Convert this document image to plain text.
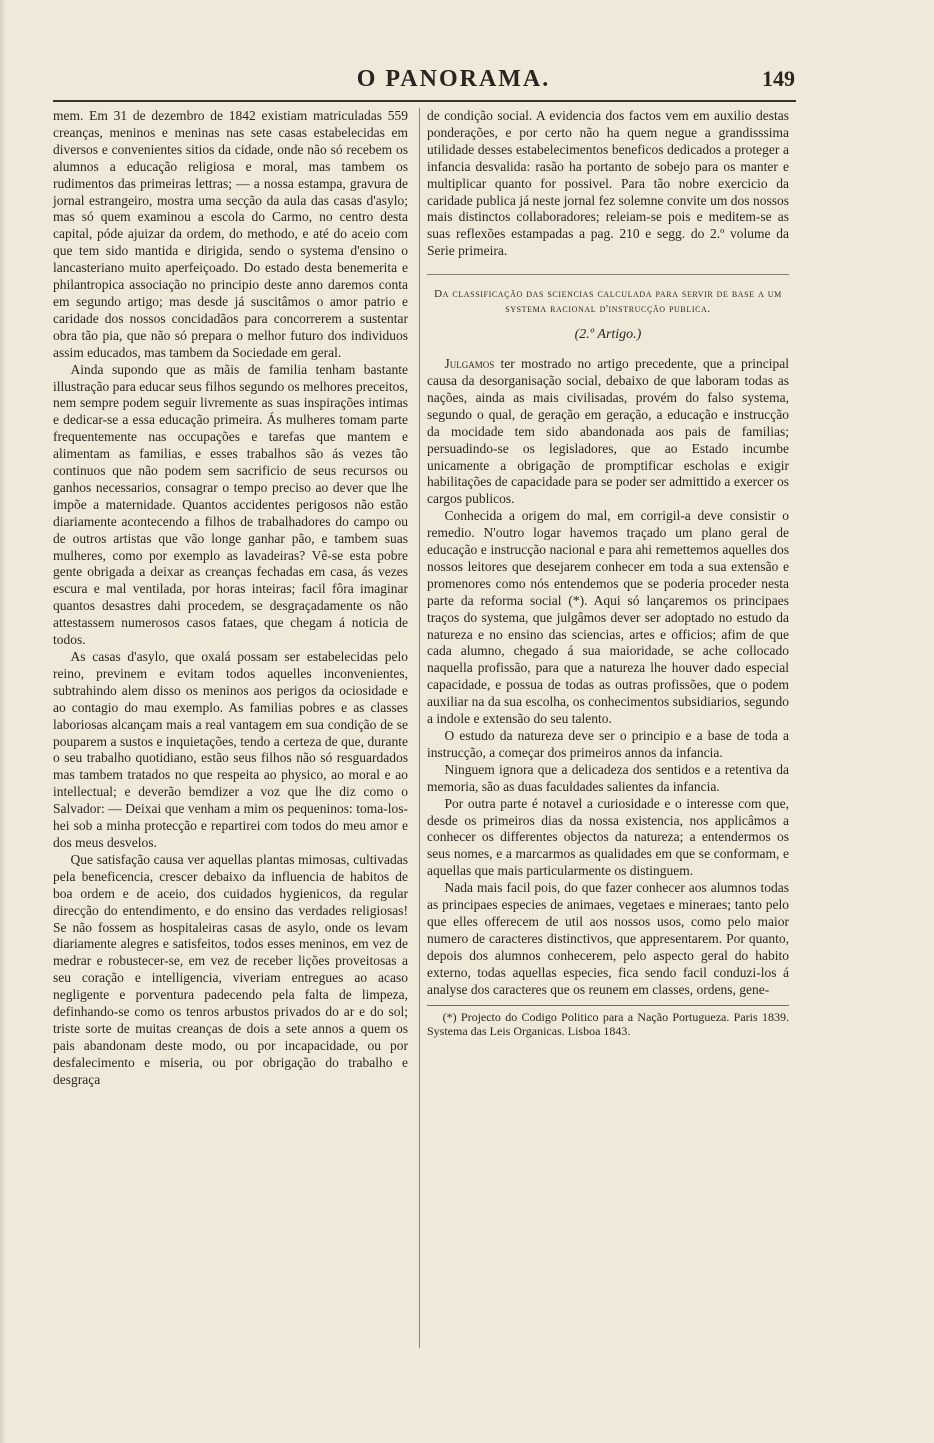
O PANORAMA.	149

mem. Em 31 de dezembro de 1842 existiam matriculadas 559 creanças, meninos e meninas nas sete casas estabelecidas em diversos e convenientes sitios da cidade, onde não só recebem os alumnos a educação religiosa e moral, mas tambem os rudimentos das primeiras lettras; — a nossa estampa, gravura de jornal estrangeiro, mostra uma secção da aula das casas d'asylo; mas só quem examinou a escola do Carmo, no centro desta capital, póde ajuizar da ordem, do methodo, e até do aceio com que tem sido mantida e dirigida, sendo o systema d'ensino o lancasteriano muito aperfeiçoado. Do estado desta benemerita e philantropica associação no principio deste anno daremos conta em segundo artigo; mas desde já suscitâmos o amor patrio e caridade dos nossos concidadãos para concorrerem a sustentar obra tão pia, que não só prepara o melhor futuro dos individuos assim educados, mas tambem da Sociedade em geral.

Ainda supondo que as mãis de familia tenham bastante illustração para educar seus filhos segundo os melhores preceitos, nem sempre podem seguir livremente as suas inspirações intimas e dedicar-se a essa educação primeira. Ás mulheres tomam parte frequentemente nas occupações e tarefas que mantem e alimentam as familias, e esses trabalhos são ás vezes tão continuos que não podem sem sacrificio de seus recursos ou ganhos necessarios, consagrar o tempo preciso ao dever que lhe impõe a maternidade. Quantos accidentes perigosos não estão diariamente acontecendo a filhos de trabalhadores do campo ou de outros artistas que vão longe ganhar pão, e tambem suas mulheres, como por exemplo as lavadeiras? Vê-se esta pobre gente obrigada a deixar as creanças fechadas em casa, ás vezes escura e mal ventilada, por horas inteiras; facil fôra imaginar quantos desastres dahi procedem, se desgraçadamente os não attestassem numerosos casos fataes, que chegam á noticia de todos.

As casas d'asylo, que oxalá possam ser estabelecidas pelo reino, previnem e evitam todos aquelles inconvenientes, subtrahindo alem disso os meninos aos perigos da ociosidade e ao contagio do mau exemplo. As familias pobres e as classes laboriosas alcançam mais a real vantagem em sua condição de se pouparem a sustos e inquietações, tendo a certeza de que, durante o seu trabalho quotidiano, estão seus filhos não só resguardados mas tambem tratados no que respeita ao physico, ao moral e ao intellectual; e deverão bemdizer a voz que lhe diz como o Salvador: — Deixai que venham a mim os pequeninos: toma-los-hei sob a minha protecção e repartirei com todos do meu amor e dos meus desvelos.

Que satisfação causa ver aquellas plantas mimosas, cultivadas pela beneficencia, crescer debaixo da influencia de habitos de boa ordem e de aceio, dos cuidados hygienicos, da regular direcção do entendimento, e do ensino das verdades religiosas! Se não fossem as hospitaleiras casas de asylo, onde os levam diariamente alegres e satisfeitos, todos esses meninos, em vez de medrar e robustecer-se, em vez de receber lições proveitosas a seu coração e intelligencia, viveriam entregues ao acaso negligente e porventura padecendo pela falta de limpeza, definhando-se como os tenros arbustos privados do ar e do sol; triste sorte de muitas creanças de dois a sete annos a quem os pais abandonam deste modo, ou por incapacidade, ou por desfalecimento e miseria, ou por obrigação do trabalho e desgraça

de condição social. A evidencia dos factos vem em auxilio destas ponderações, e por certo não ha quem negue a grandisssima utilidade desses estabelecimentos beneficos dedicados a proteger a infancia desvalida: rasão ha portanto de sobejo para os manter e multiplicar quanto for possivel. Para tão nobre exercicio da caridade publica já neste jornal fez solemne convite um dos nossos mais distinctos collaboradores; releiam-se pois e meditem-se as suas reflexões estampadas a pag. 210 e segg. do 2.º volume da Serie primeira.

Da classificação das sciencias calculada para servir de base a um systema racional d'instrucção publica.
(2.º Artigo.)

Julgamos ter mostrado no artigo precedente, que a principal causa da desorganisação social, debaixo de que laboram todas as nações, ainda as mais civilisadas, provém do falso systema, segundo o qual, de geração em geração, a educação e instrucção da mocidade tem sido abandonada aos pais de familias; persuadindo-se os legisladores, que ao Estado incumbe unicamente a obrigação de promptificar escholas e exigir habilitações de capacidade para se poder ser admittido a exercer os cargos publicos.

Conhecida a origem do mal, em corrigil-a deve consistir o remedio. N'outro logar havemos traçado um plano geral de educação e instrucção nacional e para ahi remettemos aquelles dos nossos leitores que desejarem conhecer em toda a sua extensão e promenores como nós entendemos que se poderia proceder nesta parte da reforma social (*). Aqui só lançaremos os principaes traços do systema, que julgâmos dever ser adoptado no estudo da natureza e no ensino das sciencias, artes e officios; afim de que cada alumno, chegado á sua maioridade, se ache collocado naquella profissão, para que a natureza lhe houver dado especial capacidade, e possua de todas as outras profissões, que o podem auxiliar na da sua escolha, os conhecimentos subsidiarios, segundo a indole e extensão do seu talento.

O estudo da natureza deve ser o principio e a base de toda a instrucção, a começar dos primeiros annos da infancia.

Ninguem ignora que a delicadeza dos sentidos e a retentiva da memoria, são as duas faculdades salientes da infancia.

Por outra parte é notavel a curiosidade e o interesse com que, desde os primeiros dias da nossa existencia, nos applicâmos a conhecer os differentes objectos da natureza; a entendermos os seus nomes, e a marcarmos as qualidades em que se conformam, e aquellas que mais particularmente os distinguem.

Nada mais facil pois, do que fazer conhecer aos alumnos todas as principaes especies de animaes, vegetaes e mineraes; tanto pelo que elles offerecem de util aos nossos usos, como pelo maior numero de caracteres distinctivos, que appresentarem. Por quanto, depois dos alumnos conhecerem, pelo aspecto geral do habito externo, todas aquellas especies, fica sendo facil conduzi-los á analyse dos caracteres que os reunem em classes, ordens, gene-

(*) Projecto do Codigo Politico para a Nação Portugueza. Paris 1839. Systema das Leis Organicas. Lisboa 1843.
